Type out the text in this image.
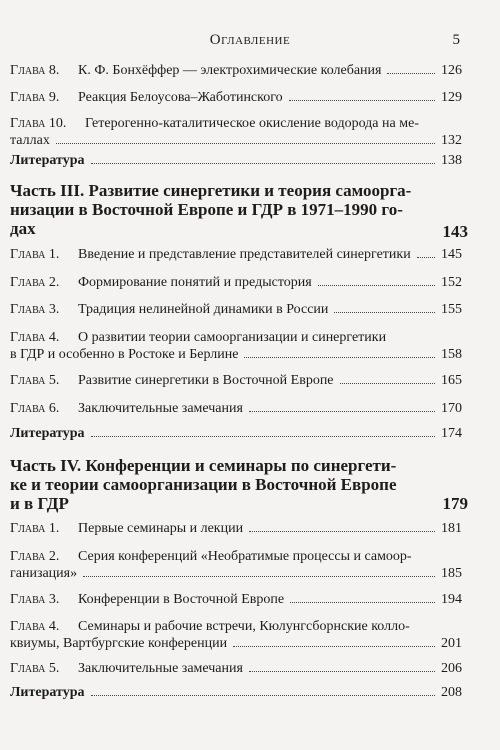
Оглавление	5
Глава 8.	К. Ф. Бонхёффер — электрохимические колебания	126
Глава 9.	Реакция Белоусова–Жаботинского	129
Глава 10.	Гетерогенно-каталитическое окисление водорода на ме-
таллах	132
Литература	138
Часть III. Развитие синергетики и теория самоорга-
низации в Восточной Европе и ГДР в 1971–1990 го-
дах	143
Глава 1.	Введение и представление представителей синергетики 145
Глава 2.	Формирование понятий и предыстория	152
Глава 3.	Традиция нелинейной динамики в России	155
Глава 4.	О развитии теории самоорганизации и синергетики
в ГДР и особенно в Ростоке и Берлине	158
Глава 5.	Развитие синергетики в Восточной Европе	165
Глава 6.	Заключительные замечания	170
Литература	174
Часть IV. Конференции и семинары по синергети-
ке и теории самоорганизации в Восточной Европе
и в ГДР	179
Глава 1.	Первые семинары и лекции	181
Глава 2.	Серия конференций «Необратимые процессы и самоор-
ганизация»	185
Глава 3.	Конференции в Восточной Европе	194
Глава 4.	Семинары и рабочие встречи, Кюлунгсборнские колло-
квиумы, Вартбургские конференции	201
Глава 5.	Заключительные замечания	206
Литература	208
